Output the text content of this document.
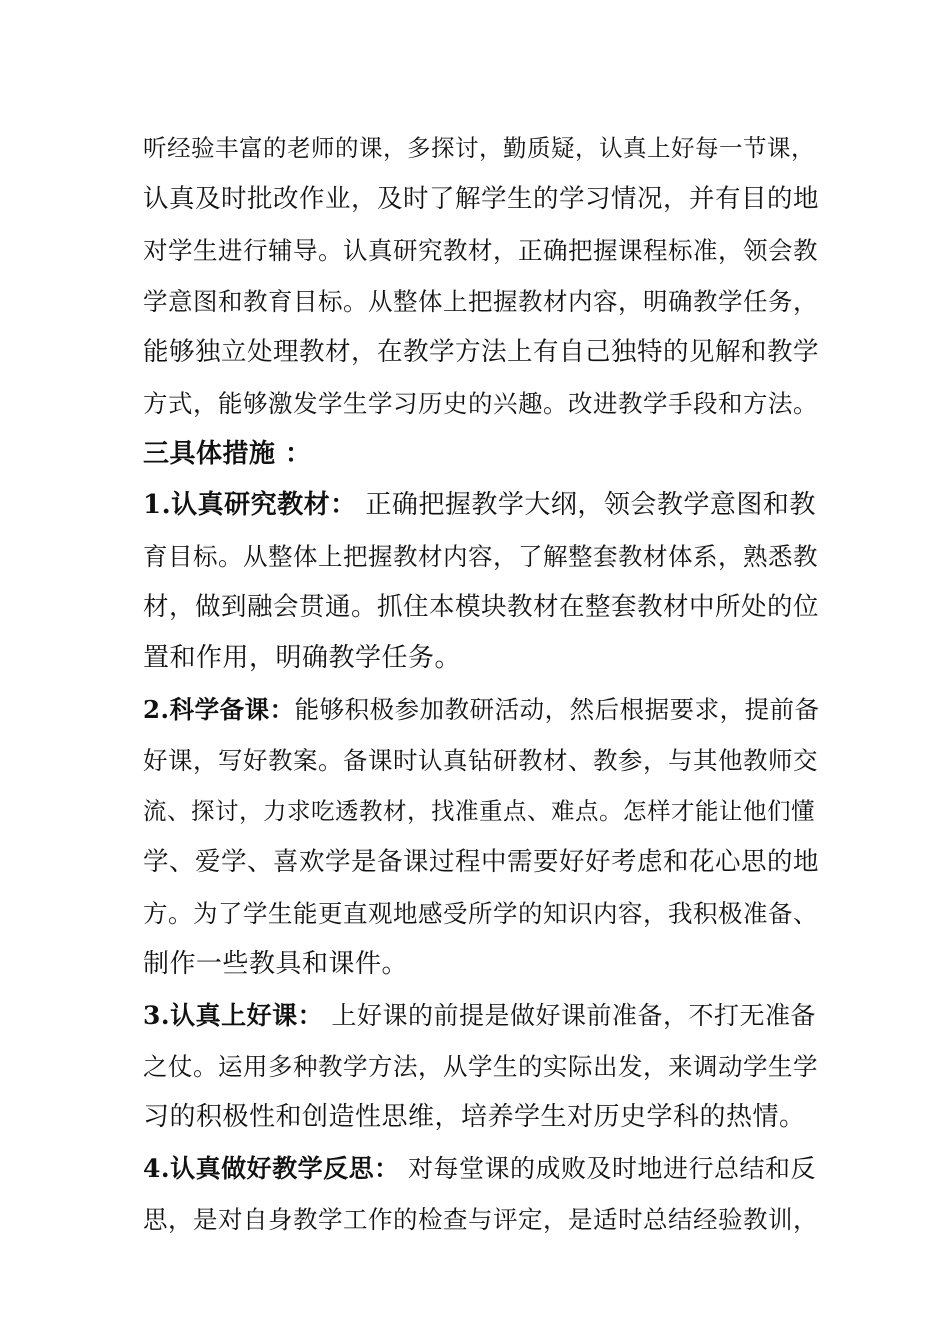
听经验丰富的老师的课，多探讨，勤质疑，认真上好每一节课，
认真及时批改作业，及时了解学生的学习情况，并有目的地
对学生进行辅导。认真研究教材，正确把握课程标准，领会教
学意图和教育目标。从整体上把握教材内容，明确教学任务，
能够独立处理教材，在教学方法上有自己独特的见解和教学
方式，能够激发学生学习历史的兴趣。改进教学手段和方法。
三具体措施 ：
1.认真研究教材： 正确把握教学大纲，领会教学意图和教
育目标。从整体上把握教材内容，了解整套教材体系，熟悉教
材，做到融会贯通。抓住本模块教材在整套教材中所处的位
置和作用，明确教学任务。
2.科学备课：能够积极参加教研活动，然后根据要求，提前备
好课，写好教案。备课时认真钻研教材、教参，与其他教师交
流、探讨，力求吃透教材，找准重点、难点。怎样才能让他们懂
学、爱学、喜欢学是备课过程中需要好好考虑和花心思的地
方。为了学生能更直观地感受所学的知识内容，我积极准备、
制作一些教具和课件。
3.认真上好课： 上好课的前提是做好课前准备，不打无准备
之仗。运用多种教学方法，从学生的实际出发，来调动学生学
习的积极性和创造性思维，培养学生对历史学科的热情。
4.认真做好教学反思： 对每堂课的成败及时地进行总结和反
思，是对自身教学工作的检查与评定，是适时总结经验教训，
